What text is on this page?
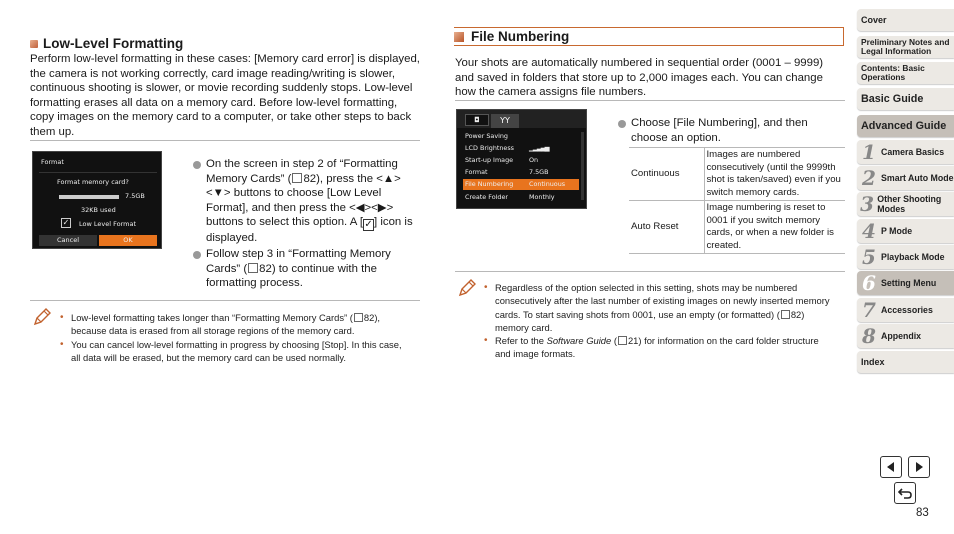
Low-Level Formatting

Perform low-level formatting in these cases: [Memory card error] is displayed, the camera is not working correctly, card image reading/writing is slower, continuous shooting is slower, or movie recording suddenly stops. Low-level formatting erases all data on a memory card. Before low-level formatting, copy images on the memory card to a computer, or take other steps to back them up.

Format
Format memory card?
7.5GB
32KB used
✓ Low Level Format
Cancel	OK
On the screen in step 2 of “Formatting Memory Cards” ( 82), press the <▲><▼> buttons to choose [Low Level Format], and then press the <◀><▶> buttons to select this option. A [✓] icon is displayed.
Follow step 3 in “Formatting Memory Cards” ( 82) to continue with the formatting process.
• Low-level formatting takes longer than “Formatting Memory Cards” ( 82), because data is erased from all storage regions of the memory card.
• You can cancel low-level formatting in progress by choosing [Stop]. In this case, all data will be erased, but the memory card can be used normally.
File Numbering

Your shots are automatically numbered in sequential order (0001 – 9999) and saved in folders that store up to 2,000 images each. You can change how the camera assigns file numbers.

◘	ΥΥ
Power Saving
LCD Brightness ▁▂▃▄▅
Start-up Image On
Format	7.5GB
File Numbering Continuous
Create Folder	Monthly
Choose [File Numbering], and then choose an option.
Continuous	Images are numbered consecutively (until the 9999th shot is taken/saved) even if you switch memory cards.
Auto Reset	Image numbering is reset to 0001 if you switch memory cards, or when a new folder is created.
• Regardless of the option selected in this setting, shots may be numbered consecutively after the last number of existing images on newly inserted memory cards. To start saving shots from 0001, use an empty (or formatted) ( 82) memory card.
• Refer to the Software Guide ( 21) for information on the card folder structure and image formats.
Cover
Preliminary Notes and Legal Information
Contents: Basic Operations
Basic Guide
Advanced Guide
1 Camera Basics
2 Smart Auto Mode
3 Other Shooting Modes
4 P Mode
5 Playback Mode
6 Setting Menu
7 Accessories
8 Appendix
Index
83
